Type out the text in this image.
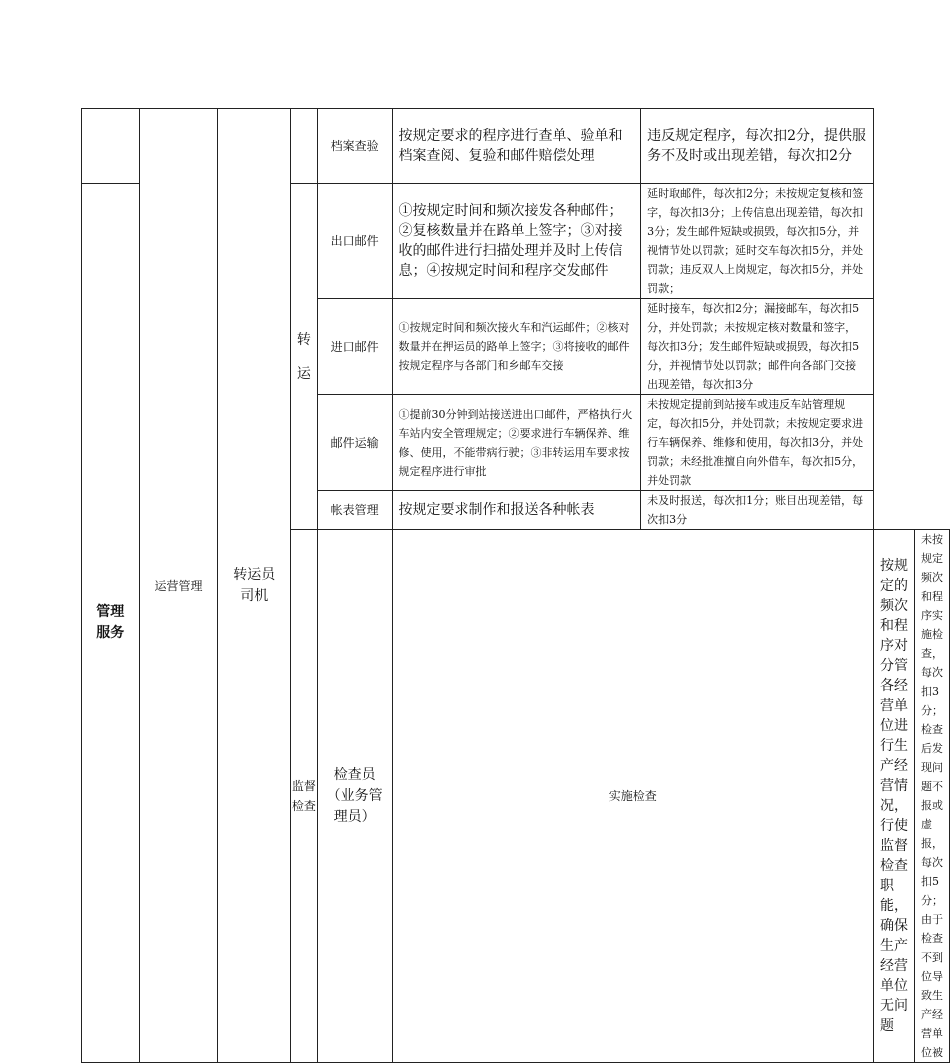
	运营管理	转运员司机		档案查验	按规定要求的程序进行查单、验单和档案查阅、复验和邮件赔偿处理	违反规定程序，每次扣2分，提供服务不及时或出现差错，每次扣2分		

管理服务			转运	出口邮件	①按规定时间和频次接发各种邮件；②复核数量并在路单上签字；③对接收的邮件进行扫描处理并及时上传信息；④按规定时间和程序交发邮件	延时取邮件，每次扣2分；未按规定复核和签字，每次扣3分；上传信息出现差错，每次扣3分；发生邮件短缺或损毁，每次扣5分，并视情节处以罚款；延时交车每次扣5分，并处罚款；违反双人上岗规定，每次扣5分，并处罚款；		
				进口邮件	①按规定时间和频次接火车和汽运邮件；②核对数量并在押运员的路单上签字；③将接收的邮件按规定程序与各部门和乡邮车交接	延时接车，每次扣2分；漏接邮车，每次扣5分，并处罚款；未按规定核对数量和签字，每次扣3分；发生邮件短缺或损毁，每次扣5分，并视情节处以罚款；邮件向各部门交接出现差错，每次扣3分		
				邮件运输	①提前30分钟到站接送进出口邮件，严格执行火车站内安全管理规定；②要求进行车辆保养、维修、使用，不能带病行驶；③非转运用车要求按规定程序进行审批	未按规定提前到站接车或违反车站管理规定，每次扣5分，并处罚款；未按规定要求进行车辆保养、维修和使用，每次扣3分，并处罚款；未经批准擅自向外借车，每次扣5分，并处罚款		
				帐表管理	按规定要求制作和报送各种帐表	未及时报送，每次扣1分；账目出现差错，每次扣3分		
			监督检查	检查员（业务管理员）	实施检查		按规定的频次和程序对分管各经营单位进行生产经营情况，行使监督检查职能，确保生产经营单位无问题	未按规定频次和程序实施检查，每次扣3分；检查后发现问题不报或虚报，每次扣5分；由于检查不到位导致生产经营单位被
